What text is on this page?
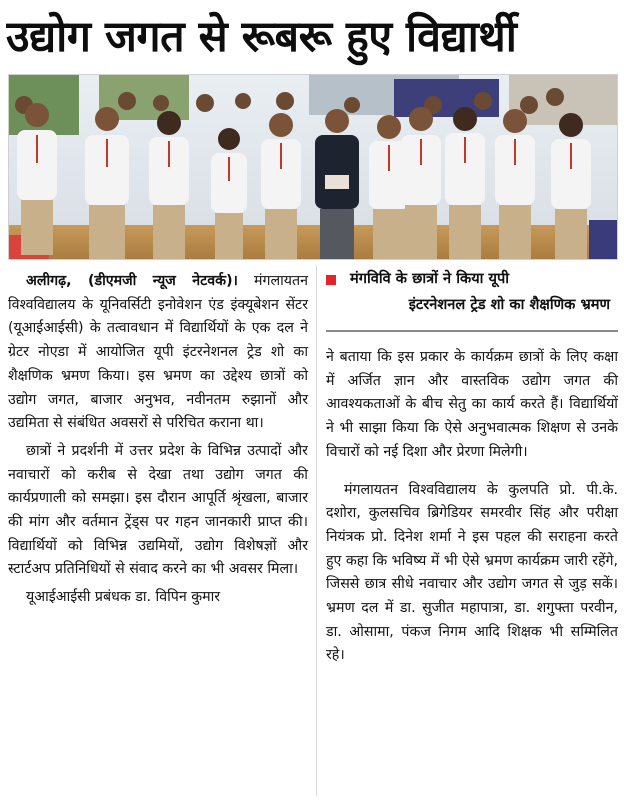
उद्योग जगत से रूबरू हुए विद्यार्थी
अलीगढ़, (डीएमजी न्यूज नेटवर्क)। मंगलायतन विश्वविद्यालय के यूनिवर्सिटी इनोवेशन एंड इंक्यूबेशन सेंटर (यूआईआईसी) के तत्वावधान में विद्यार्थियों के एक दल ने ग्रेटर नोएडा में आयोजित यूपी इंटरनेशनल ट्रेड शो का शैक्षणिक भ्रमण किया। इस भ्रमण का उद्देश्य छात्रों को उद्योग जगत, बाजार अनुभव, नवीनतम रुझानों और उद्यमिता से संबंधित अवसरों से परिचित कराना था।
छात्रों ने प्रदर्शनी में उत्तर प्रदेश के विभिन्न उत्पादों और नवाचारों को करीब से देखा तथा उद्योग जगत की कार्यप्रणाली को समझा। इस दौरान आपूर्ति श्रृंखला, बाजार की मांग और वर्तमान ट्रेंड्स पर गहन जानकारी प्राप्त की। विद्यार्थियों को विभिन्न उद्यमियों, उद्योग विशेषज्ञों और स्टार्टअप प्रतिनिधियों से संवाद करने का भी अवसर मिला।
यूआईआईसी प्रबंधक डा. विपिन कुमार
मंगविवि के छात्रों ने किया यूपी
इंटरनेशनल ट्रेड शो का शैक्षणिक भ्रमण
ने बताया कि इस प्रकार के कार्यक्रम छात्रों के लिए कक्षा में अर्जित ज्ञान और वास्तविक उद्योग जगत की आवश्यकताओं के बीच सेतु का कार्य करते हैं। विद्यार्थियों ने भी साझा किया कि ऐसे अनुभवात्मक शिक्षण से उनके विचारों को नई दिशा और प्रेरणा मिलेगी।
मंगलायतन विश्वविद्यालय के कुलपति प्रो. पी.के. दशोरा, कुलसचिव ब्रिगेडियर समरवीर सिंह और परीक्षा नियंत्रक प्रो. दिनेश शर्मा ने इस पहल की सराहना करते हुए कहा कि भविष्य में भी ऐसे भ्रमण कार्यक्रम जारी रहेंगे, जिससे छात्र सीधे नवाचार और उद्योग जगत से जुड़ सकें। भ्रमण दल में डा. सुजीत महापात्रा, डा. शगुफ्ता परवीन, डा. ओसामा, पंकज निगम आदि शिक्षक भी सम्मिलित रहे।
